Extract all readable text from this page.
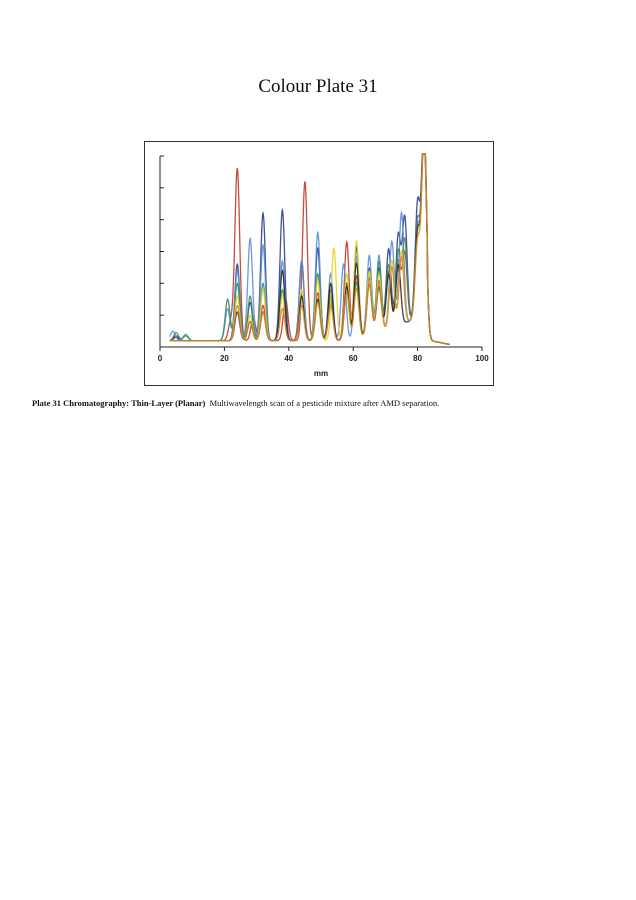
Colour Plate 31
0	20	40	60	80	100
mm
Plate 31 Chromatography: Thin-Layer (Planar) Multiwavelength scan of a pesticide mixture after AMD separation.
